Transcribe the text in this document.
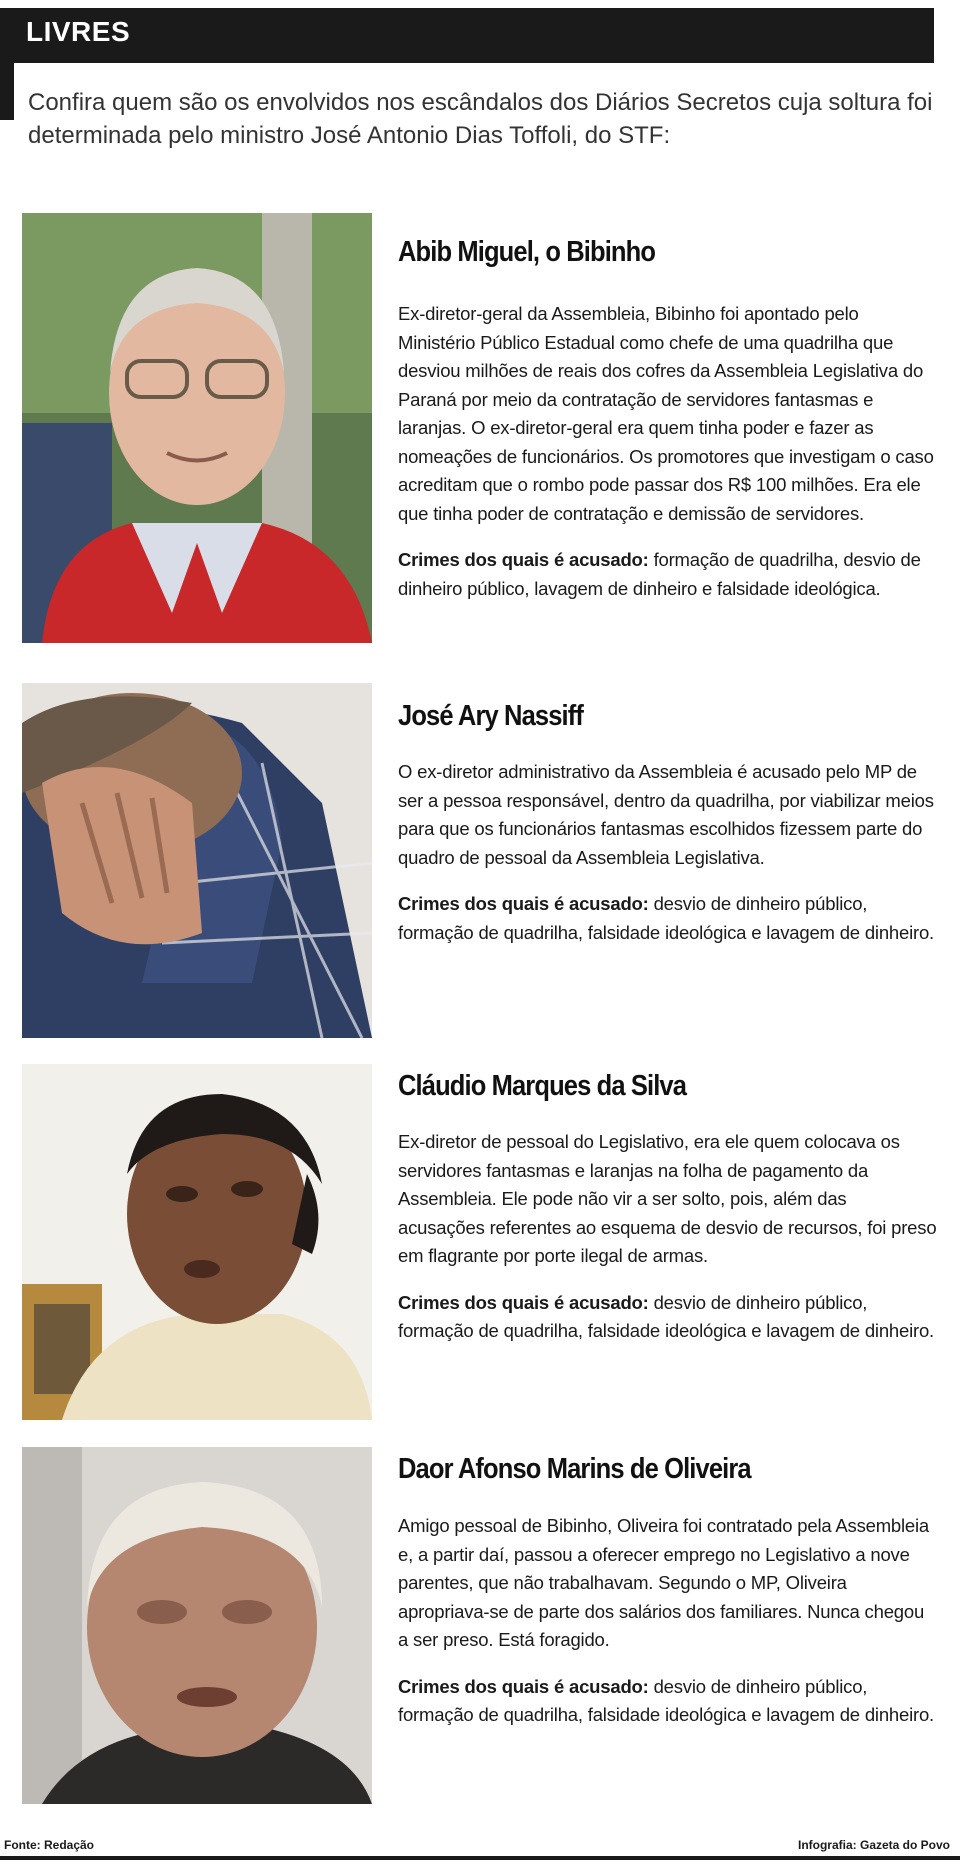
LIVRES
Confira quem são os envolvidos nos escândalos dos Diários Secretos cuja soltura foi determinada pelo ministro José Antonio Dias Toffoli, do STF:
Abib Miguel, o Bibinho

Ex-diretor-geral da Assembleia, Bibinho foi apontado pelo Ministério Público Estadual como chefe de uma quadrilha que desviou milhões de reais dos cofres da Assembleia Legislativa do Paraná por meio da contratação de servidores fantasmas e laranjas. O ex-diretor-geral era quem tinha poder e fazer as nomeações de funcionários. Os promotores que investigam o caso acreditam que o rombo pode passar dos R$ 100 milhões. Era ele que tinha poder de contratação e demissão de servidores.

Crimes dos quais é acusado: formação de quadrilha, desvio de dinheiro público, lavagem de dinheiro e falsidade ideológica.

José Ary Nassiff

O ex-diretor administrativo da Assembleia é acusado pelo MP de ser a pessoa responsável, dentro da quadrilha, por viabilizar meios para que os funcionários fantasmas escolhidos fizessem parte do quadro de pessoal da Assembleia Legislativa.

Crimes dos quais é acusado: desvio de dinheiro público, formação de quadrilha, falsidade ideológica e lavagem de dinheiro.

Cláudio Marques da Silva

Ex-diretor de pessoal do Legislativo, era ele quem colocava os servidores fantasmas e laranjas na folha de pagamento da Assembleia. Ele pode não vir a ser solto, pois, além das acusações referentes ao esquema de desvio de recursos, foi preso em flagrante por porte ilegal de armas.

Crimes dos quais é acusado: desvio de dinheiro público, formação de quadrilha, falsidade ideológica e lavagem de dinheiro.

Daor Afonso Marins de Oliveira

Amigo pessoal de Bibinho, Oliveira foi contratado pela Assembleia e, a partir daí, passou a oferecer emprego no Legislativo a nove parentes, que não trabalhavam. Segundo o MP, Oliveira apropriava-se de parte dos salários dos familiares. Nunca chegou a ser preso. Está foragido.

Crimes dos quais é acusado: desvio de dinheiro público, formação de quadrilha, falsidade ideológica e lavagem de dinheiro.

Fonte: Redação	Infografia: Gazeta do Povo
